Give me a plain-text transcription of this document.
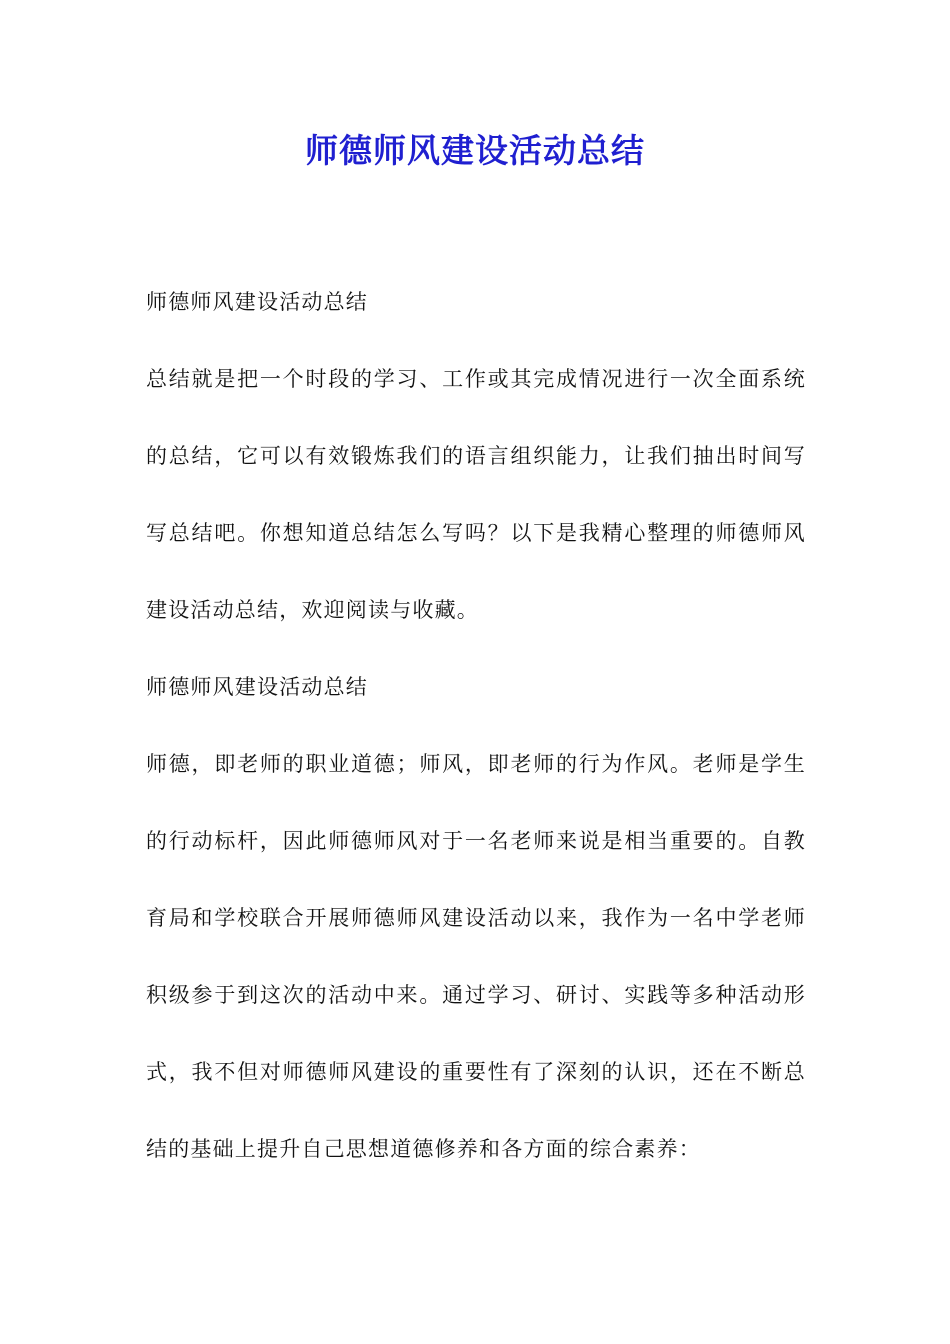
师德师风建设活动总结

师德师风建设活动总结

总结就是把一个时段的学习、工作或其完成情况进行一次全面系统的总结，它可以有效锻炼我们的语言组织能力，让我们抽出时间写写总结吧。你想知道总结怎么写吗？以下是我精心整理的师德师风建设活动总结，欢迎阅读与收藏。

师德师风建设活动总结

师德，即老师的职业道德；师风，即老师的行为作风。老师是学生的行动标杆，因此师德师风对于一名老师来说是相当重要的。自教育局和学校联合开展师德师风建设活动以来，我作为一名中学老师积级参于到这次的活动中来。通过学习、研讨、实践等多种活动形式，我不但对师德师风建设的重要性有了深刻的认识，还在不断总结的基础上提升自己思想道德修养和各方面的综合素养：
